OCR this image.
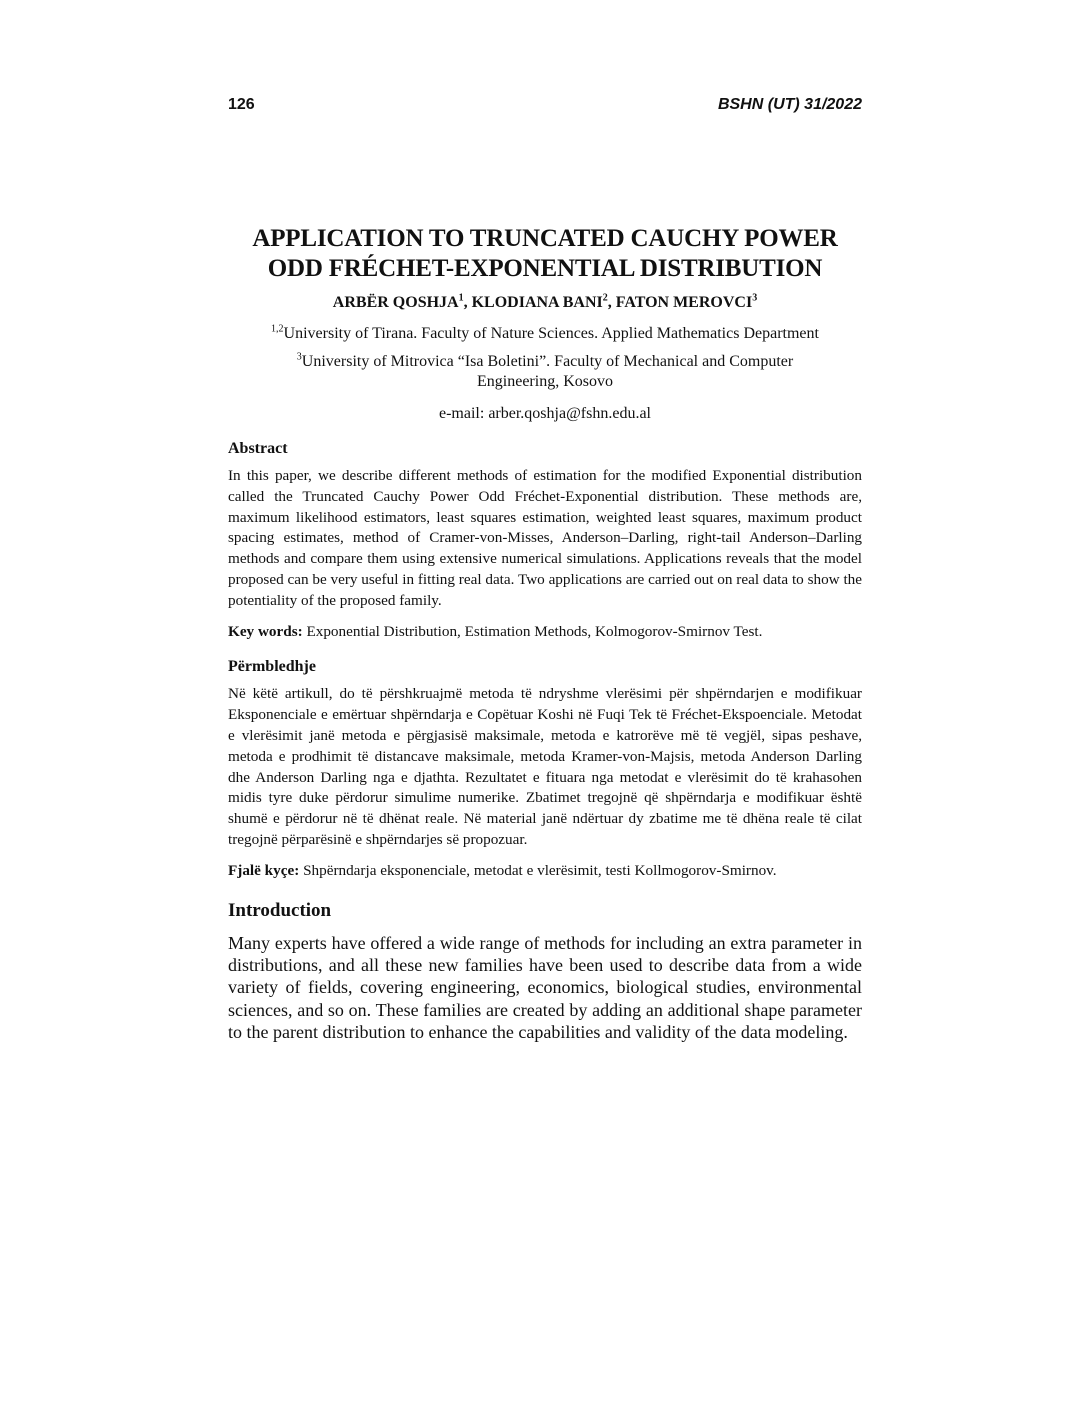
126	BSHN (UT) 31/2022
APPLICATION TO TRUNCATED CAUCHY POWER
ODD FRÉCHET-EXPONENTIAL DISTRIBUTION
ARBËR QOSHJA$^1$, KLODIANA BANI$^2$, FATON MEROVCI$^3$
$^{1,2}$University of Tirana. Faculty of Nature Sciences. Applied Mathematics Department
$^3$University of Mitrovica “Isa Boletini”. Faculty of Mechanical and Computer Engineering, Kosovo
e-mail: arber.qoshja@fshn.edu.al
Abstract

In this paper, we describe different methods of estimation for the modified Exponential distribution called the Truncated Cauchy Power Odd Fréchet-Exponential distribution. These methods are, maximum likelihood estimators, least squares estimation, weighted least squares, maximum product spacing estimates, method of Cramer-von-Misses, Anderson–Darling, right-tail Anderson–Darling methods and compare them using extensive numerical simulations. Applications reveals that the model proposed can be very useful in fitting real data. Two applications are carried out on real data to show the potentiality of the proposed family.

Key words: Exponential Distribution, Estimation Methods, Kolmogorov-Smirnov Test.
Përmbledhje

Në këtë artikull, do të përshkruajmë metoda të ndryshme vlerësimi për shpërndarjen e modifikuar Eksponenciale e emërtuar shpërndarja e Copëtuar Koshi në Fuqi Tek të Fréchet-Ekspoenciale. Metodat e vlerësimit janë metoda e përgjasisë maksimale, metoda e katrorëve më të vegjël, sipas peshave, metoda e prodhimit të distancave maksimale, metoda Kramer-von-Majsis, metoda Anderson Darling dhe Anderson Darling nga e djathta. Rezultatet e fituara nga metodat e vlerësimit do të krahasohen midis tyre duke përdorur simulime numerike. Zbatimet tregojnë që shpërndarja e modifikuar është shumë e përdorur në të dhënat reale. Në material janë ndërtuar dy zbatime me të dhëna reale të cilat tregojnë përparësinë e shpërndarjes së propozuar.

Fjalë kyçe: Shpërndarja eksponenciale, metodat e vlerësimit, testi Kollmogorov-Smirnov.
Introduction

Many experts have offered a wide range of methods for including an extra parameter in distributions, and all these new families have been used to describe data from a wide variety of fields, covering engineering, economics, biological studies, environmental sciences, and so on. These families are created by adding an additional shape parameter to the parent distribution to enhance the capabilities and validity of the data modeling.
